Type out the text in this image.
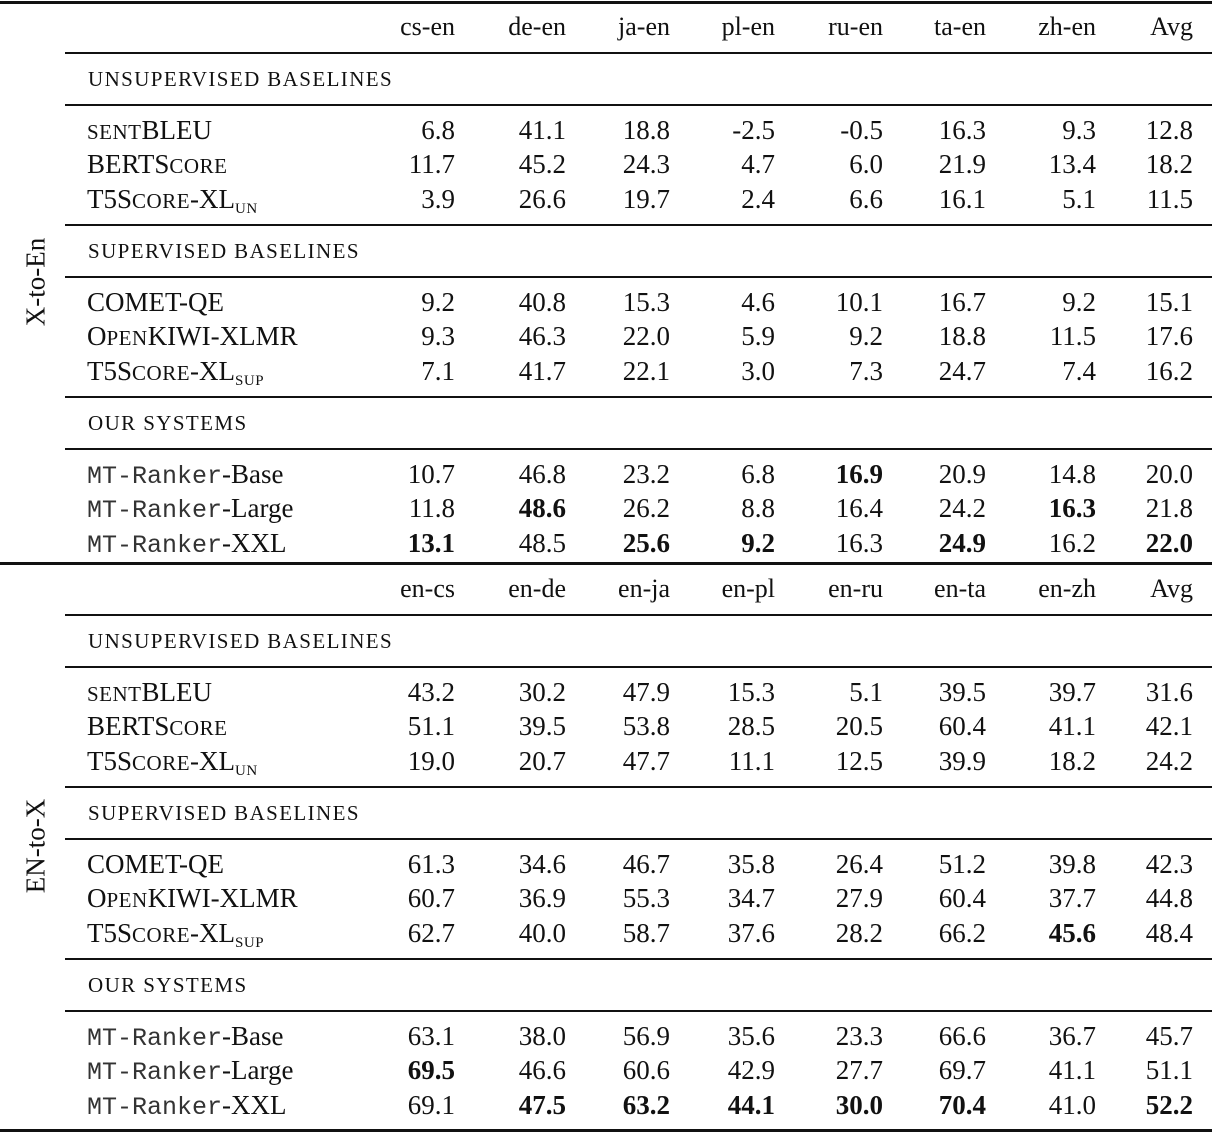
cs-en de-en ja-en pl-en ru-en ta-en zh-en Avg
X-to-En
UNSUPERVISED BASELINES
SENTBLEU	6.8 41.1 18.8 -2.5 -0.5 16.3	9.3 12.8
BERTSCORE	11.7 45.2 24.3	4.7	6.0 21.9 13.4 18.2
$T5SCORE-XL_{UN}$	3.9 26.6 19.7	2.4	6.6 16.1	5.1 11.5
SUPERVISED BASELINES
COMET-QE	9.2 40.8 15.3	4.6 10.1 16.7	9.2 15.1
OPENKIWI-XLMR	9.3 46.3 22.0	5.9	9.2 18.8 11.5 17.6
$T5SCORE-XL_{SUP}$	7.1 41.7 22.1	3.0	7.3 24.7	7.4 16.2
OUR SYSTEMS
MT-Ranker-Base	10.7 46.8 23.2	6.8 16.9 20.9 14.8 20.0
MT-Ranker-Large	11.8 48.6 26.2	8.8 16.4 24.2 16.3 21.8
MT-Ranker-XXL	13.1 48.5 25.6	9.2 16.3 24.9 16.2 22.0
en-cs en-de en-ja en-pl en-ru en-ta en-zh Avg
EN-to-X
UNSUPERVISED BASELINES
SENTBLEU	43.2 30.2 47.9 15.3	5.1 39.5 39.7 31.6
BERTSCORE	51.1 39.5 53.8 28.5 20.5 60.4 41.1 42.1
$T5SCORE-XL_{UN}$	19.0 20.7 47.7 11.1 12.5 39.9 18.2 24.2
SUPERVISED BASELINES
COMET-QE	61.3 34.6 46.7 35.8 26.4 51.2 39.8 42.3
OPENKIWI-XLMR	60.7 36.9 55.3 34.7 27.9 60.4 37.7 44.8
$T5SCORE-XL_{SUP}$	62.7 40.0 58.7 37.6 28.2 66.2 45.6 48.4
OUR SYSTEMS
MT-Ranker-Base	63.1 38.0 56.9 35.6 23.3 66.6 36.7 45.7
MT-Ranker-Large	69.5 46.6 60.6 42.9 27.7 69.7 41.1 51.1
MT-Ranker-XXL	69.1 47.5 63.2 44.1 30.0 70.4 41.0 52.2
